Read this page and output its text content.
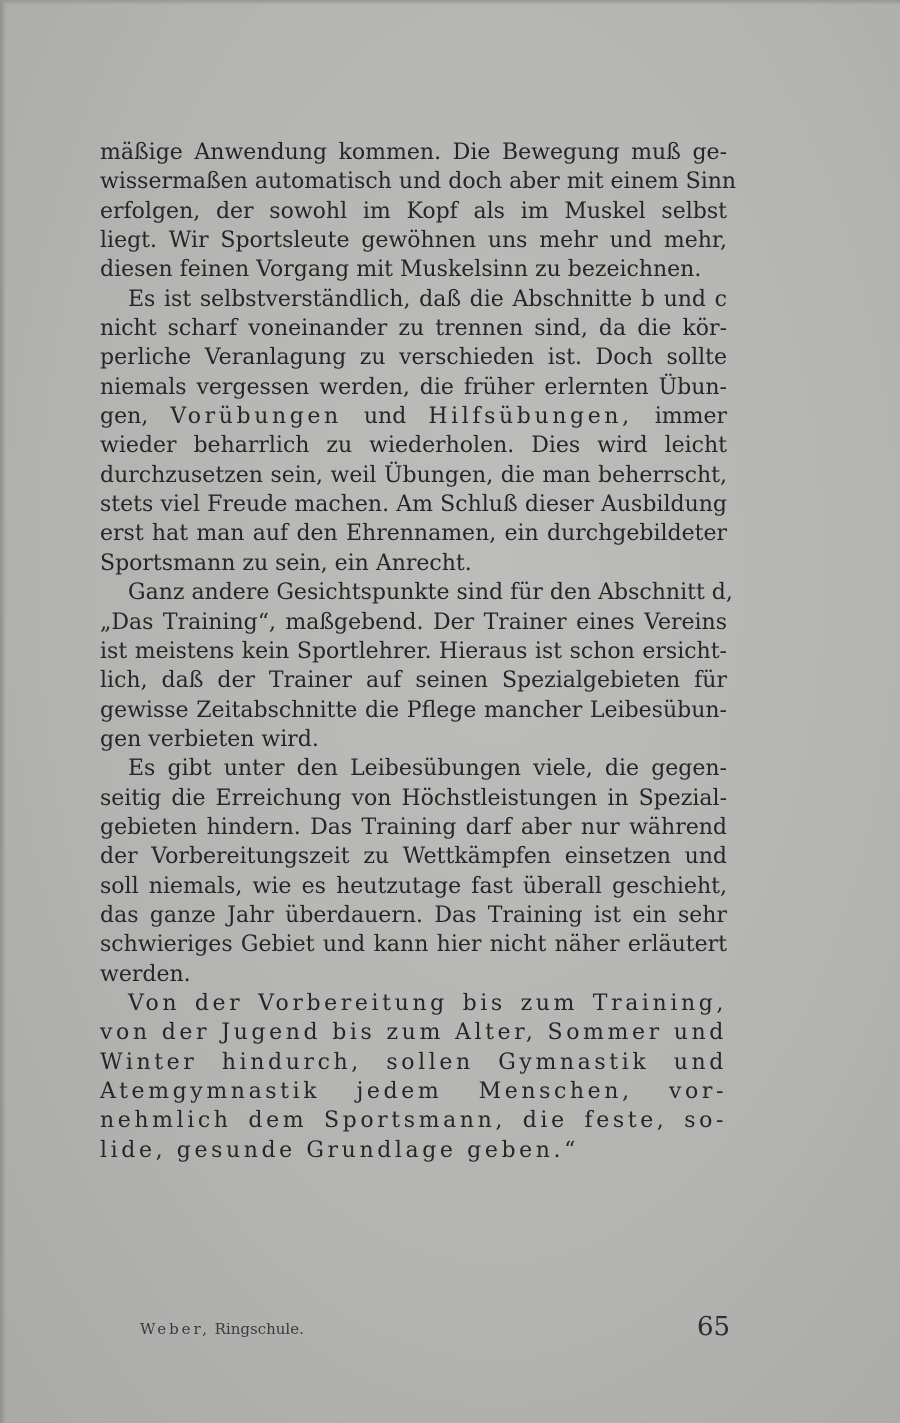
mäßige Anwendung kommen. Die Bewegung muß ge-
wissermaßen automatisch und doch aber mit einem Sinn
erfolgen, der sowohl im Kopf als im Muskel selbst
liegt. Wir Sportsleute gewöhnen uns mehr und mehr,
diesen feinen Vorgang mit Muskelsinn zu bezeichnen.
Es ist selbstverständlich, daß die Abschnitte b und c
nicht scharf voneinander zu trennen sind, da die kör-
perliche Veranlagung zu verschieden ist. Doch sollte
niemals vergessen werden, die früher erlernten Übun-
gen, Vorübungen und Hilfsübungen, immer
wieder beharrlich zu wiederholen. Dies wird leicht
durchzusetzen sein, weil Übungen, die man beherrscht,
stets viel Freude machen. Am Schluß dieser Ausbildung
erst hat man auf den Ehrennamen, ein durchgebildeter
Sportsmann zu sein, ein Anrecht.
Ganz andere Gesichtspunkte sind für den Abschnitt d,
„Das Training“, maßgebend. Der Trainer eines Vereins
ist meistens kein Sportlehrer. Hieraus ist schon ersicht-
lich, daß der Trainer auf seinen Spezialgebieten für
gewisse Zeitabschnitte die Pflege mancher Leibesübun-
gen verbieten wird.
Es gibt unter den Leibesübungen viele, die gegen-
seitig die Erreichung von Höchstleistungen in Spezial-
gebieten hindern. Das Training darf aber nur während
der Vorbereitungszeit zu Wettkämpfen einsetzen und
soll niemals, wie es heutzutage fast überall geschieht,
das ganze Jahr überdauern. Das Training ist ein sehr
schwieriges Gebiet und kann hier nicht näher erläutert
werden.
Von der Vorbereitung bis zum Training,
von der Jugend bis zum Alter, Sommer und
Winter hindurch, sollen Gymnastik und
Atemgymnastik jedem Menschen, vor-
nehmlich dem Sportsmann, die feste, so-
lide, gesunde Grundlage geben.“
Weber, Ringschule.	65
